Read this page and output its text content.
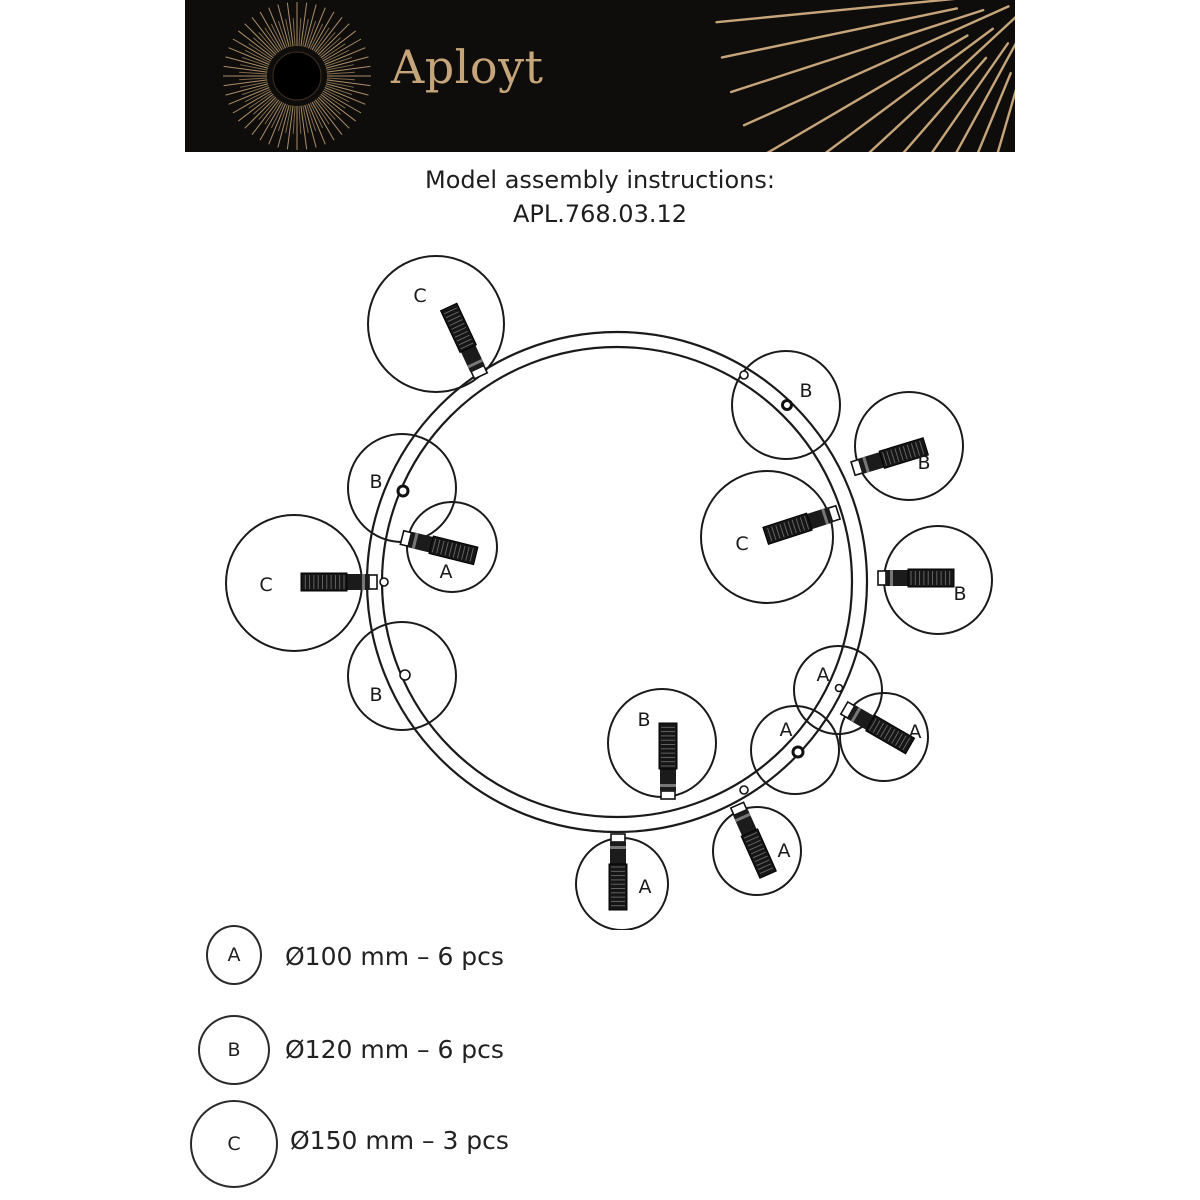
Aployt
Model assembly instructions:
APL.768.03.12
C
B
B
C
B
C
A
B
B
A
A
B	A
A
A
A	Ø100 mm – 6 pcs
B	Ø120 mm – 6 pcs
C	Ø150 mm – 3 pcs
